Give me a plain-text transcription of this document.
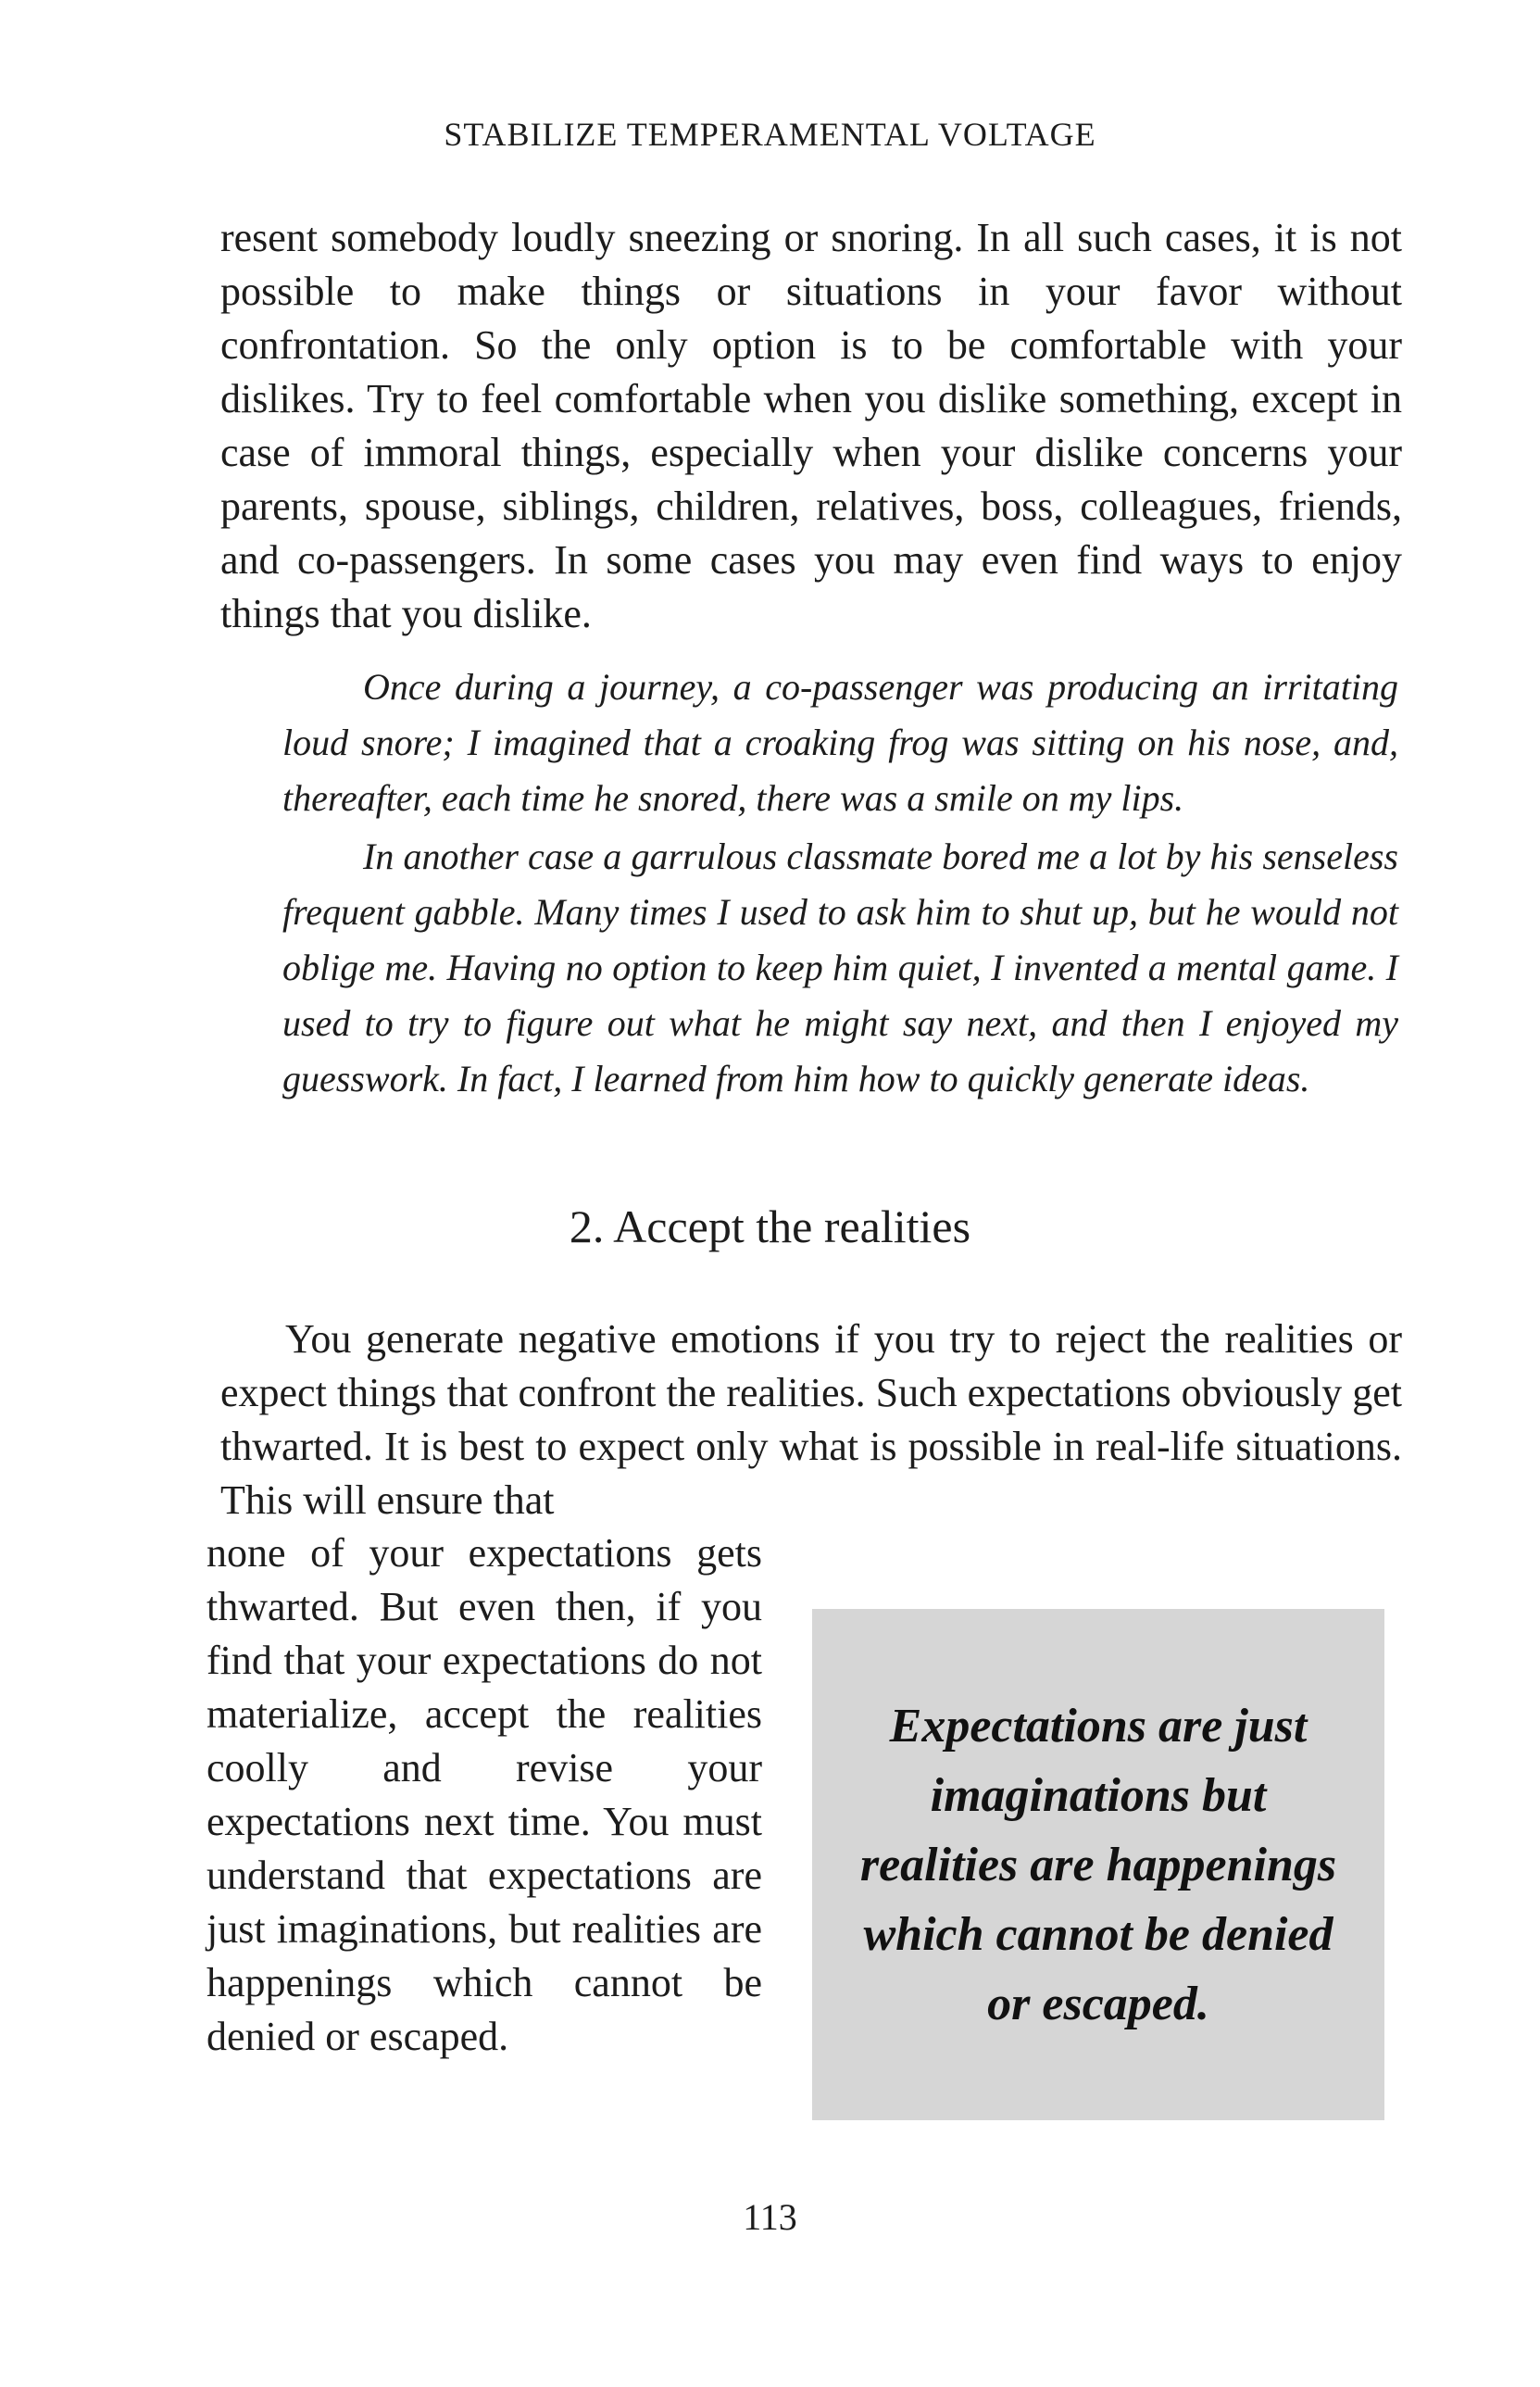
STABILIZE TEMPERAMENTAL VOLTAGE
resent somebody loudly sneezing or snoring. In all such cases, it is not possible to make things or situations in your favor without confrontation. So the only option is to be comfortable with your dislikes. Try to feel comfortable when you dislike something, except in case of immoral things, especially when your dislike concerns your parents, spouse, siblings, children, relatives, boss, colleagues, friends, and co-passengers. In some cases you may even find ways to enjoy things that you dislike.
Once during a journey, a co-passenger was producing an irritating loud snore; I imagined that a croaking frog was sitting on his nose, and, thereafter, each time he snored, there was a smile on my lips.
In another case a garrulous classmate bored me a lot by his senseless frequent gabble. Many times I used to ask him to shut up, but he would not oblige me. Having no option to keep him quiet, I invented a mental game. I used to try to figure out what he might say next, and then I enjoyed my guesswork. In fact, I learned from him how to quickly generate ideas.
2. Accept the realities
You generate negative emotions if you try to reject the realities or expect things that confront the realities. Such expectations obviously get thwarted. It is best to expect only what is possible in real-life situations. This will ensure that
none of your expectations gets thwarted. But even then, if you find that your expectations do not materialize, accept the realities coolly and revise your expectations next time. You must understand that expectations are just imaginations, but realities are happenings which cannot be denied or escaped.
Expectations are just imaginations but realities are happenings which cannot be denied or escaped.
113
